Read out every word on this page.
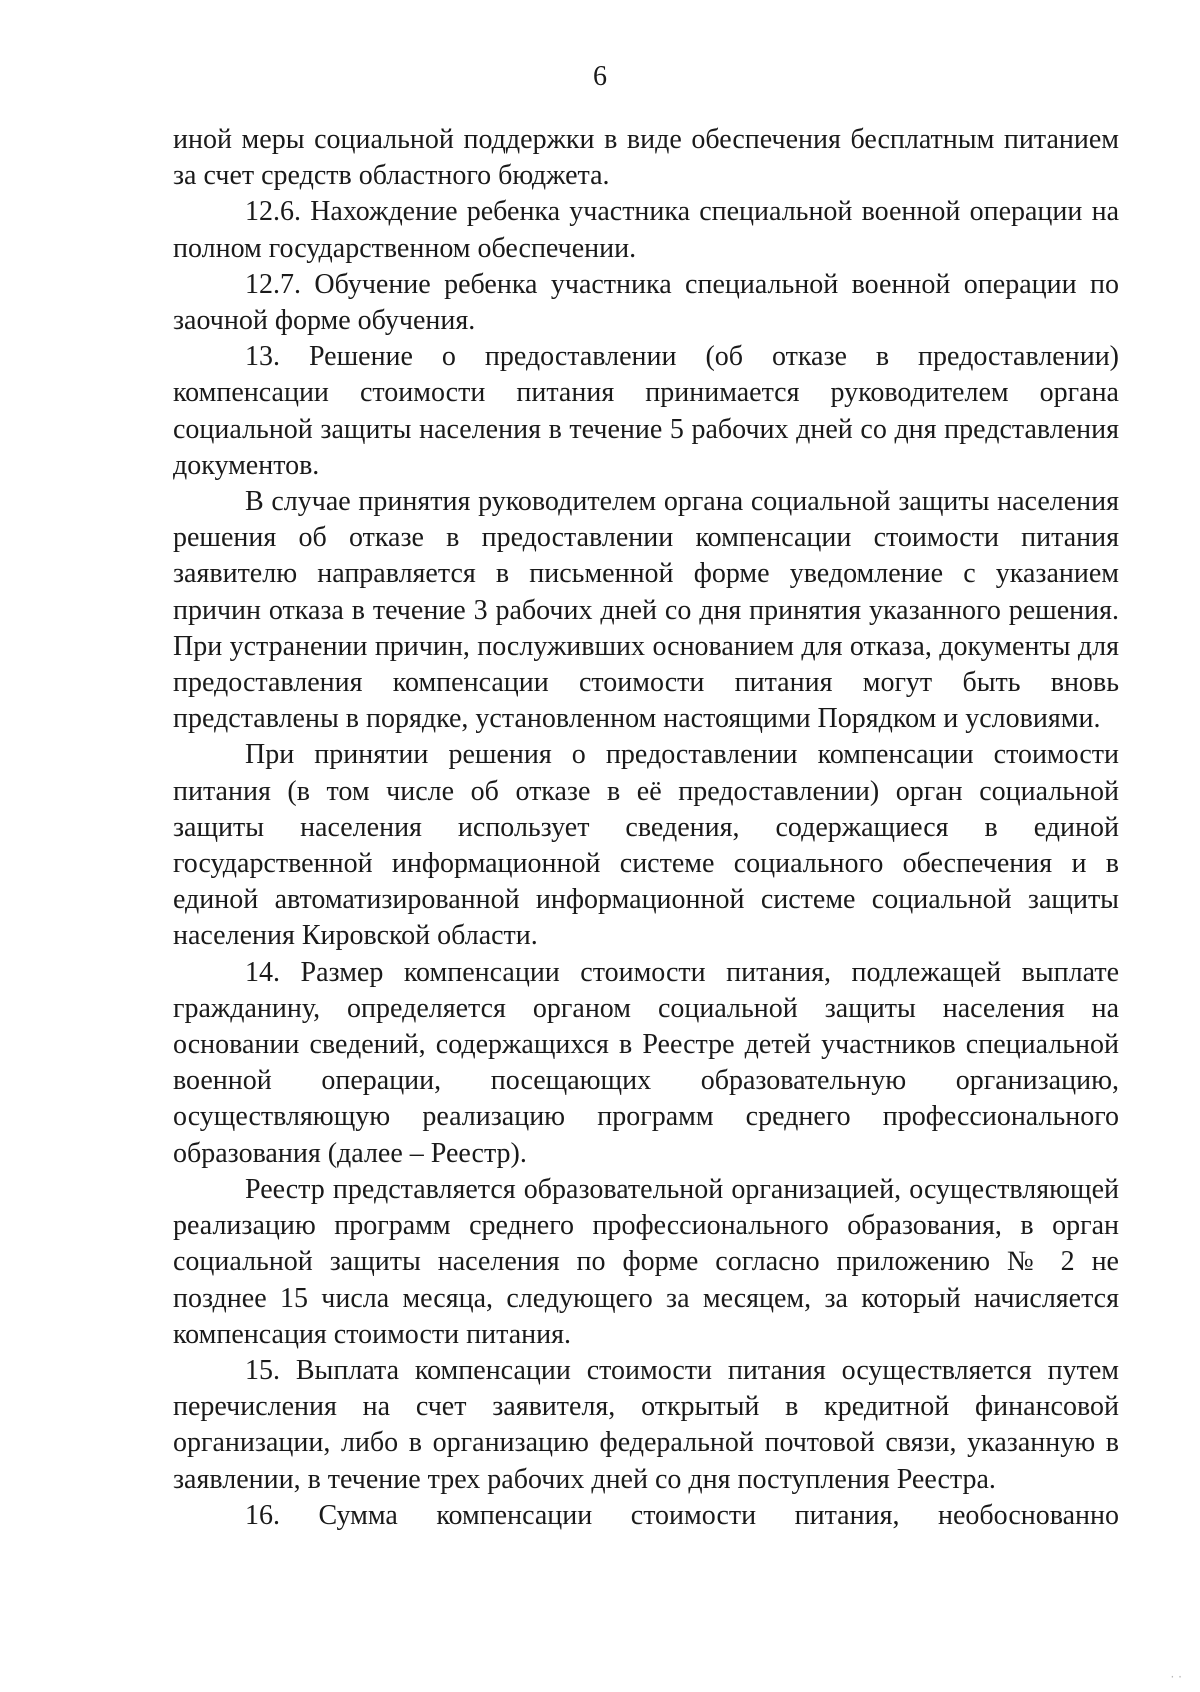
6

иной меры социальной поддержки в виде обеспечения бесплатным питанием за счет средств областного бюджета.

12.6. Нахождение ребенка участника специальной военной операции на полном государственном обеспечении.

12.7. Обучение ребенка участника специальной военной операции по заочной форме обучения.

13. Решение о предоставлении (об отказе в предоставлении) компенсации стоимости питания принимается руководителем органа социальной защиты населения в течение 5 рабочих дней со дня представления документов.

В случае принятия руководителем органа социальной защиты населения решения об отказе в предоставлении компенсации стоимости питания заявителю направляется в письменной форме уведомление с указанием причин отказа в течение 3 рабочих дней со дня принятия указанного решения. При устранении причин, послуживших основанием для отказа, документы для предоставления компенсации стоимости питания могут быть вновь представлены в порядке, установленном настоящими Порядком и условиями.

При принятии решения о предоставлении компенсации стоимости питания (в том числе об отказе в её предоставлении) орган социальной защиты населения использует сведения, содержащиеся в единой государственной информационной системе социального обеспечения и в единой автоматизированной информационной системе социальной защиты населения Кировской области.

14. Размер компенсации стоимости питания, подлежащей выплате гражданину, определяется органом социальной защиты населения на основании сведений, содержащихся в Реестре детей участников специальной военной операции, посещающих образовательную организацию, осуществляющую реализацию программ среднего профессионального образования (далее – Реестр).

Реестр представляется образовательной организацией, осуществляющей реализацию программ среднего профессионального образования, в орган социальной защиты населения по форме согласно приложению № 2 не позднее 15 числа месяца, следующего за месяцем, за который начисляется компенсация стоимости питания.

15. Выплата компенсации стоимости питания осуществляется путем перечисления на счет заявителя, открытый в кредитной финансовой организации, либо в организацию федеральной почтовой связи, указанную в заявлении, в течение трех рабочих дней со дня поступления Реестра.

16. Сумма компенсации стоимости питания, необоснованно

· ·
